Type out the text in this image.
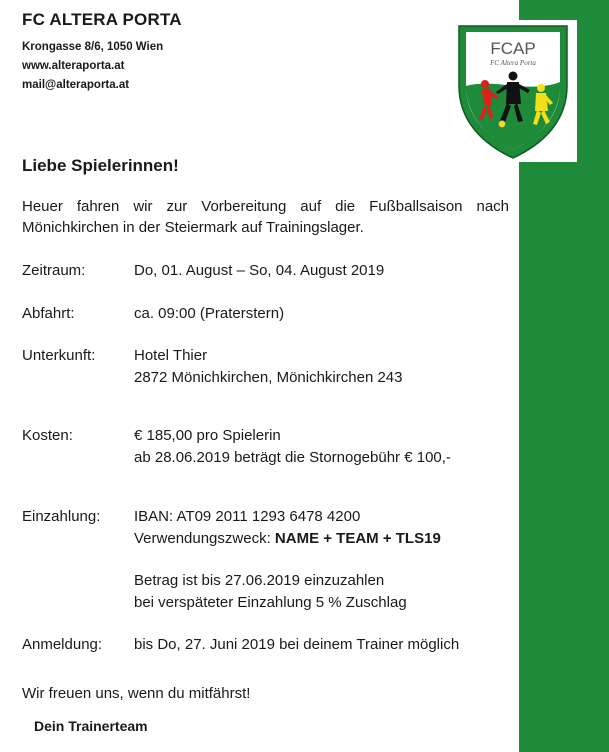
FC ALTERA PORTA
Krongasse 8/6, 1050 Wien
www.alteraporta.at
mail@alteraporta.at
FCAP
FC Altera Porta
Liebe Spielerinnen!
Heuer fahren wir zur Vorbereitung auf die Fußballsaison nach Mönichkirchen in der Steiermark auf Trainingslager.
Zeitraum:	Do, 01. August – So, 04. August 2019
Abfahrt:	ca. 09:00 (Praterstern)
Unterkunft:	Hotel Thier
2872 Mönichkirchen, Mönichkirchen 243
Kosten:	€ 185,00 pro Spielerin
ab 28.06.2019 beträgt die Stornogebühr € 100,-
Einzahlung: IBAN: AT09 2011 1293 6478 4200
Verwendungszweck: NAME + TEAM + TLS19
Betrag ist bis 27.06.2019 einzuzahlen
bei verspäteter Einzahlung 5 % Zuschlag
Anmeldung: bis Do, 27. Juni 2019 bei deinem Trainer möglich
Wir freuen uns, wenn du mitfährst!
Dein Trainerteam
